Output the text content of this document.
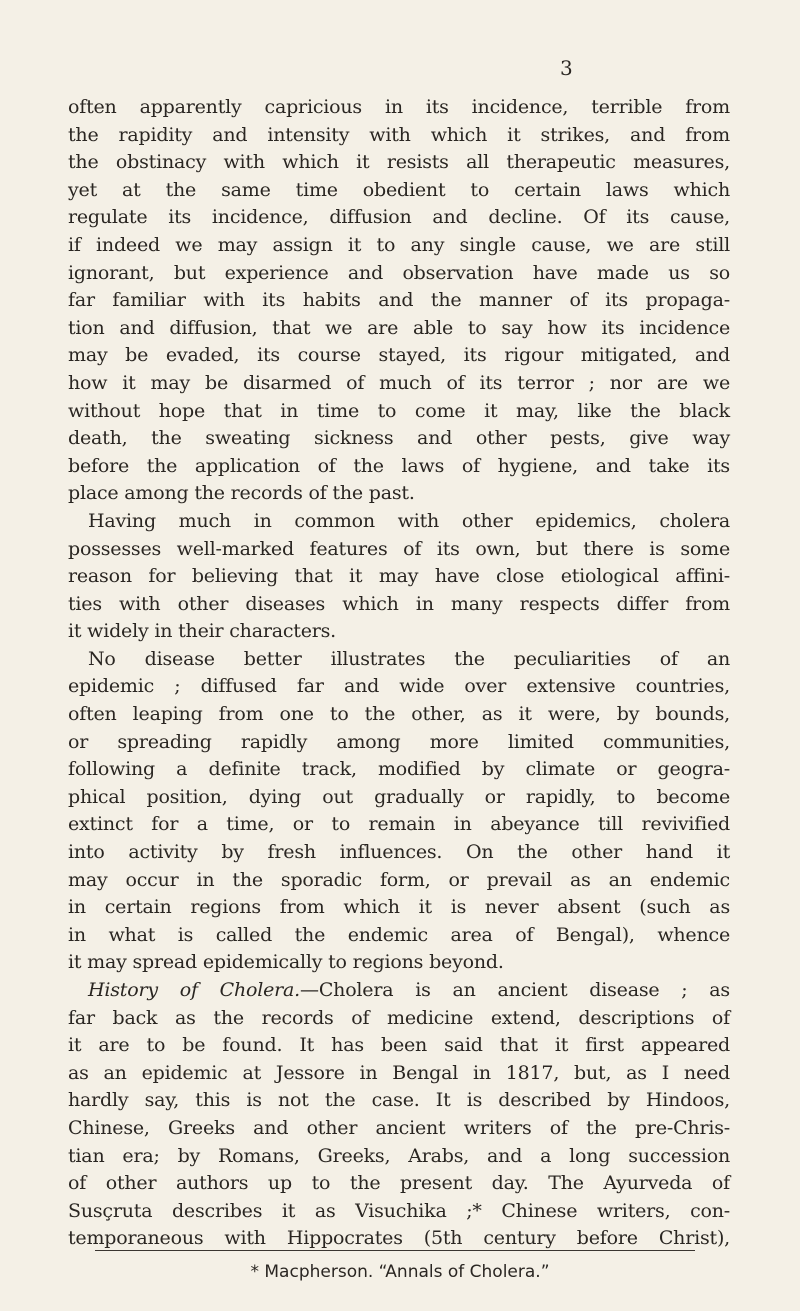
3
often apparently capricious in its incidence, terrible from
the rapidity and intensity with which it strikes, and from
the obstinacy with which it resists all therapeutic measures,
yet at the same time obedient to certain laws which
regulate its incidence, diffusion and decline. Of its cause,
if indeed we may assign it to any single cause, we are still
ignorant, but experience and observation have made us so
far familiar with its habits and the manner of its propaga-
tion and diffusion, that we are able to say how its incidence
may be evaded, its course stayed, its rigour mitigated, and
how it may be disarmed of much of its terror ; nor are we
without hope that in time to come it may, like the black
death, the sweating sickness and other pests, give way
before the application of the laws of hygiene, and take its
place among the records of the past.
Having much in common with other epidemics, cholera
possesses well-marked features of its own, but there is some
reason for believing that it may have close etiological affini-
ties with other diseases which in many respects differ from
it widely in their characters.
No disease better illustrates the peculiarities of an
epidemic ; diffused far and wide over extensive countries,
often leaping from one to the other, as it were, by bounds,
or spreading rapidly among more limited communities,
following a definite track, modified by climate or geogra-
phical position, dying out gradually or rapidly, to become
extinct for a time, or to remain in abeyance till revivified
into activity by fresh influences. On the other hand it
may occur in the sporadic form, or prevail as an endemic
in certain regions from which it is never absent (such as
in what is called the endemic area of Bengal), whence
it may spread epidemically to regions beyond.
History of Cholera.—Cholera is an ancient disease ; as
far back as the records of medicine extend, descriptions of
it are to be found. It has been said that it first appeared
as an epidemic at Jessore in Bengal in 1817, but, as I need
hardly say, this is not the case. It is described by Hindoos,
Chinese, Greeks and other ancient writers of the pre-Chris-
tian era; by Romans, Greeks, Arabs, and a long succession
of other authors up to the present day. The Ayurveda of
Susçruta describes it as Visuchika ;* Chinese writers, con-
temporaneous with Hippocrates (5th century before Christ),
* Macpherson. “Annals of Cholera.”
